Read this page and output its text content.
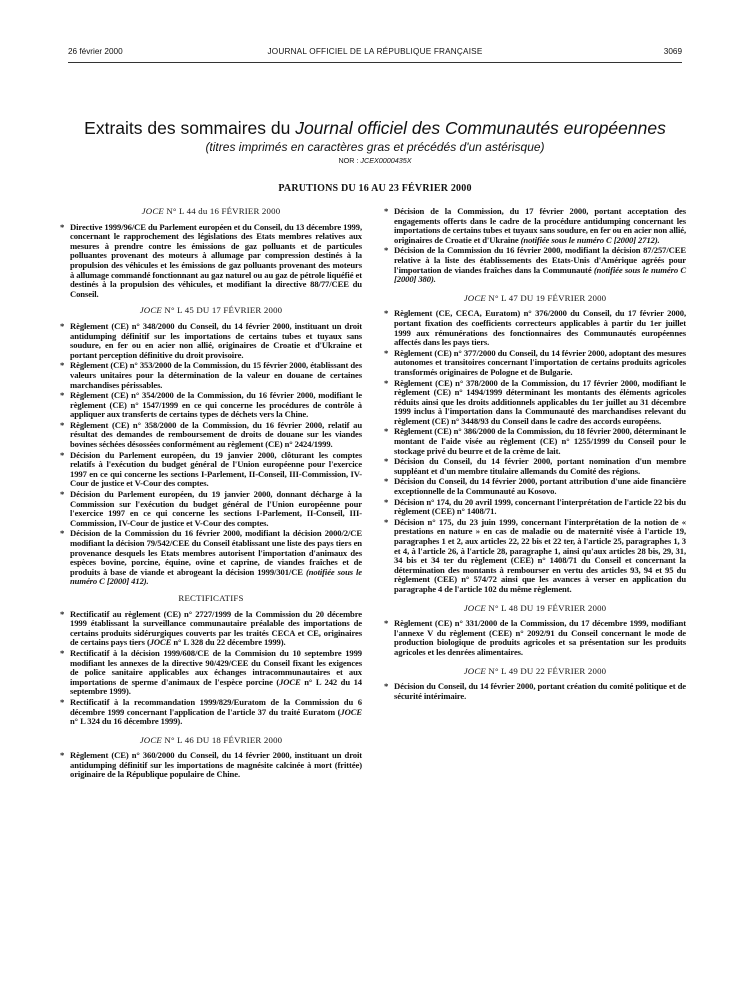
26 février 2000	JOURNAL OFFICIEL DE LA RÉPUBLIQUE FRANÇAISE	3069

Extraits des sommaires du Journal officiel des Communautés européennes

(titres imprimés en caractères gras et précédés d'un astérisque)

NOR : JCEX0000435X

PARUTIONS DU 16 AU 23 FÉVRIER 2000

JOCE N° L 44 du 16 FÉVRIER 2000

* Directive 1999/96/CE du Parlement européen et du Conseil, du 13 décembre 1999, concernant le rapprochement des législations des Etats membres relatives aux mesures à prendre contre les émissions de gaz polluants et de particules polluantes provenant des moteurs à allumage par compression destinés à la propulsion des véhicules et les émissions de gaz polluants provenant des moteurs à allumage commandé fonctionnant au gaz naturel ou au gaz de pétrole liquéfié et destinés à la propulsion des véhicules, et modifiant la directive 88/77/CEE du Conseil.

JOCE N° L 45 DU 17 FÉVRIER 2000

* Règlement (CE) n° 348/2000 du Conseil, du 14 février 2000, instituant un droit antidumping définitif sur les importations de certains tubes et tuyaux sans soudure, en fer ou en acier non allié, originaires de Croatie et d'Ukraine et portant perception définitive du droit provisoire.

* Règlement (CE) n° 353/2000 de la Commission, du 15 février 2000, établissant des valeurs unitaires pour la détermination de la valeur en douane de certaines marchandises périssables.

* Règlement (CE) n° 354/2000 de la Commission, du 16 février 2000, modifiant le règlement (CE) n° 1547/1999 en ce qui concerne les procédures de contrôle à appliquer aux transferts de certains types de déchets vers la Chine.

* Règlement (CE) n° 358/2000 de la Commission, du 16 février 2000, relatif au résultat des demandes de remboursement de droits de douane sur les viandes bovines séchées désossées conformément au règlement (CE) n° 2424/1999.

* Décision du Parlement européen, du 19 janvier 2000, clôturant les comptes relatifs à l'exécution du budget général de l'Union européenne pour l'exercice 1997 en ce qui concerne les sections I-Parlement, II-Conseil, III-Commission, IV-Cour de justice et V-Cour des comptes.

* Décision du Parlement européen, du 19 janvier 2000, donnant décharge à la Commission sur l'exécution du budget général de l'Union européenne pour l'exercice 1997 en ce qui concerne les sections I-Parlement, II-Conseil, III-Commission, IV-Cour de justice et V-Cour des comptes.

* Décision de la Commission du 16 février 2000, modifiant la décision 2000/2/CE modifiant la décision 79/542/CEE du Conseil établissant une liste des pays tiers en provenance desquels les Etats membres autorisent l'importation d'animaux des espèces bovine, porcine, équine, ovine et caprine, de viandes fraîches et de produits à base de viande et abrogeant la décision 1999/301/CE (notifiée sous le numéro C [2000] 412).

RECTIFICATIFS

* Rectificatif au règlement (CE) n° 2727/1999 de la Commission du 20 décembre 1999 établissant la surveillance communautaire préalable des importations de certains produits sidérurgiques couverts par les traités CECA et CE, originaires de certains pays tiers (JOCE n° L 328 du 22 décembre 1999).

* Rectificatif à la décision 1999/608/CE de la Commision du 10 septembre 1999 modifiant les annexes de la directive 90/429/CEE du Conseil fixant les exigences de police sanitaire applicables aux échanges intracommunautaires et aux importations de sperme d'animaux de l'espèce porcine (JOCE n° L 242 du 14 septembre 1999).

* Rectificatif à la recommandation 1999/829/Euratom de la Commission du 6 décembre 1999 concernant l'application de l'article 37 du traité Euratom (JOCE n° L 324 du 16 décembre 1999).

JOCE N° L 46 DU 18 FÉVRIER 2000

* Règlement (CE) n° 360/2000 du Conseil, du 14 février 2000, instituant un droit antidumping définitif sur les importations de magnésite calcinée à mort (frittée) originaire de la République populaire de Chine.

* Décision de la Commission, du 17 février 2000, portant acceptation des engagements offerts dans le cadre de la procédure antidumping concernant les importations de certains tubes et tuyaux sans soudure, en fer ou en acier non allié, originaires de Croatie et d'Ukraine (notifiée sous le numéro C [2000] 2712).

* Décision de la Commission du 16 février 2000, modifiant la décision 87/257/CEE relative à la liste des établissements des Etats-Unis d'Amérique agréés pour l'importation de viandes fraîches dans la Communauté (notifiée sous le numéro C [2000] 380).

JOCE N° L 47 DU 19 FÉVRIER 2000

* Règlement (CE, CECA, Euratom) n° 376/2000 du Conseil, du 17 février 2000, portant fixation des coefficients correcteurs applicables à partir du 1er juillet 1999 aux rémunérations des fonctionnaires des Communautés européennes affectés dans les pays tiers.

* Règlement (CE) n° 377/2000 du Conseil, du 14 février 2000, adoptant des mesures autonomes et transitoires concernant l'importation de certains produits agricoles transformés originaires de Pologne et de Bulgarie.

* Règlement (CE) n° 378/2000 de la Commission, du 17 février 2000, modifiant le règlement (CE) n° 1494/1999 déterminant les montants des éléments agricoles réduits ainsi que les droits additionnels applicables du 1er juillet au 31 décembre 1999 inclus à l'importation dans la Communauté des marchandises relevant du règlement (CE) n° 3448/93 du Conseil dans le cadre des accords européens.

* Règlement (CE) n° 386/2000 de la Commission, du 18 février 2000, déterminant le montant de l'aide visée au règlement (CE) n° 1255/1999 du Conseil pour le stockage privé du beurre et de la crème de lait.

* Décision du Conseil, du 14 février 2000, portant nomination d'un membre suppléant et d'un membre titulaire allemands du Comité des régions.

* Décision du Conseil, du 14 février 2000, portant attribution d'une aide financière exceptionnelle de la Communauté au Kosovo.

* Décision n° 174, du 20 avril 1999, concernant l'interprétation de l'article 22 bis du règlement (CEE) n° 1408/71.

* Décision n° 175, du 23 juin 1999, concernant l'interprétation de la notion de « prestations en nature » en cas de maladie ou de maternité visée à l'article 19, paragraphes 1 et 2, aux articles 22, 22 bis et 22 ter, à l'article 25, paragraphes 1, 3 et 4, à l'article 26, à l'article 28, paragraphe 1, ainsi qu'aux articles 28 bis, 29, 31, 34 bis et 34 ter du règlement (CEE) n° 1408/71 du Conseil et concernant la détermination des montants à rembourser en vertu des articles 93, 94 et 95 du règlement (CEE) n° 574/72 ainsi que les avances à verser en application du paragraphe 4 de l'article 102 du même règlement.

JOCE N° L 48 DU 19 FÉVRIER 2000

* Règlement (CE) n° 331/2000 de la Commission, du 17 décembre 1999, modifiant l'annexe V du règlement (CEE) n° 2092/91 du Conseil concernant le mode de production biologique de produits agricoles et sa présentation sur les produits agricoles et les denrées alimentaires.

JOCE N° L 49 DU 22 FÉVRIER 2000

* Décision du Conseil, du 14 février 2000, portant création du comité politique et de sécurité intérimaire.
